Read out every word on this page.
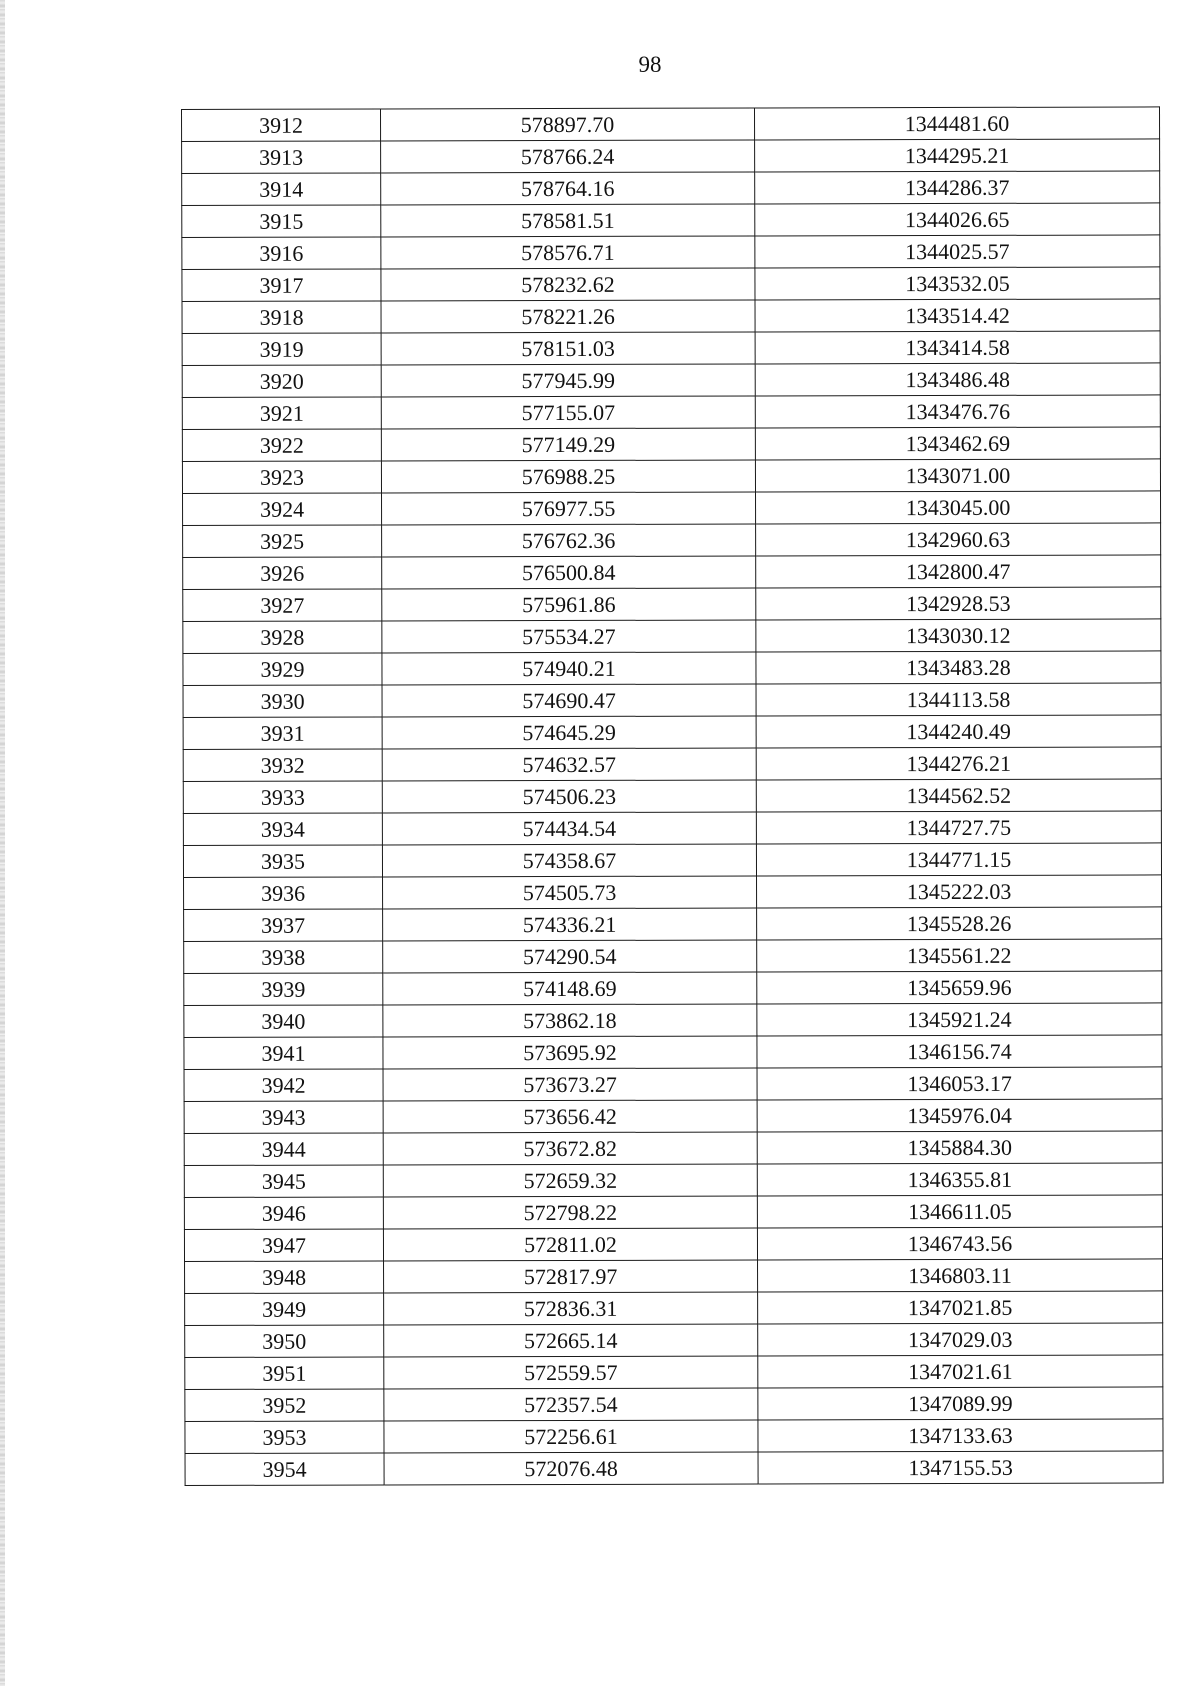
98
3912	578897.70	1344481.60
3913	578766.24	1344295.21
3914	578764.16	1344286.37
3915	578581.51	1344026.65
3916	578576.71	1344025.57
3917	578232.62	1343532.05
3918	578221.26	1343514.42
3919	578151.03	1343414.58
3920	577945.99	1343486.48
3921	577155.07	1343476.76
3922	577149.29	1343462.69
3923	576988.25	1343071.00
3924	576977.55	1343045.00
3925	576762.36	1342960.63
3926	576500.84	1342800.47
3927	575961.86	1342928.53
3928	575534.27	1343030.12
3929	574940.21	1343483.28
3930	574690.47	1344113.58
3931	574645.29	1344240.49
3932	574632.57	1344276.21
3933	574506.23	1344562.52
3934	574434.54	1344727.75
3935	574358.67	1344771.15
3936	574505.73	1345222.03
3937	574336.21	1345528.26
3938	574290.54	1345561.22
3939	574148.69	1345659.96
3940	573862.18	1345921.24
3941	573695.92	1346156.74
3942	573673.27	1346053.17
3943	573656.42	1345976.04
3944	573672.82	1345884.30
3945	572659.32	1346355.81
3946	572798.22	1346611.05
3947	572811.02	1346743.56
3948	572817.97	1346803.11
3949	572836.31	1347021.85
3950	572665.14	1347029.03
3951	572559.57	1347021.61
3952	572357.54	1347089.99
3953	572256.61	1347133.63
3954	572076.48	1347155.53
